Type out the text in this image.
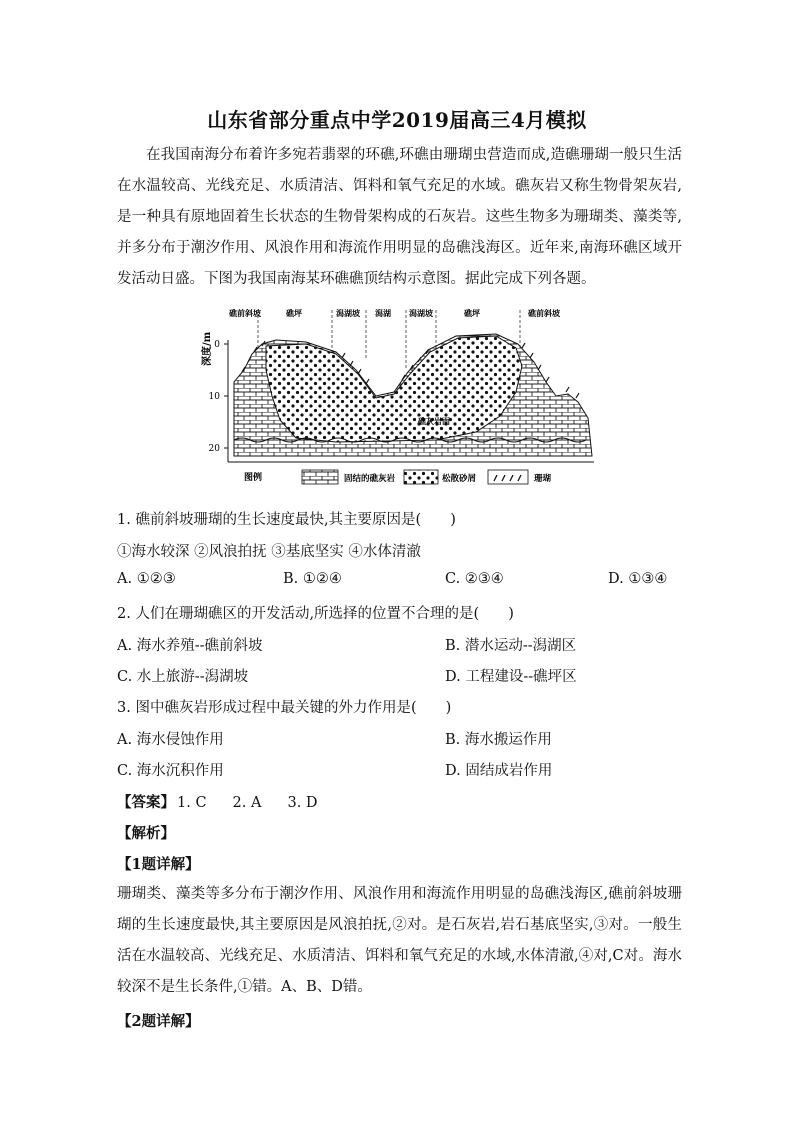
山东省部分重点中学2019届高三4月模拟

在我国南海分布着许多宛若翡翠的环礁,环礁由珊瑚虫营造而成,造礁珊瑚一般只生活在水温较高、光线充足、水质清洁、饵料和氧气充足的水域。礁灰岩又称生物骨架灰岩,是一种具有原地固着生长状态的生物骨架构成的石灰岩。这些生物多为珊瑚类、藻类等,并多分布于潮汐作用、风浪作用和海流作用明显的岛礁浅海区。近年来,南海环礁区域开发活动日盛。下图为我国南海某环礁礁顶结构示意图。据此完成下列各题。

深度/m 0
10
20
礁前斜坡	礁坪	潟湖坡 潟湖 潟湖坡	礁坪	礁前斜坡
礁灰岩面
图例	固结的礁灰岩	松散砂屑	珊瑚
1. 礁前斜坡珊瑚的生长速度最快,其主要原因是(　　)
①海水较深 ②风浪拍抚 ③基底坚实 ④水体清澈
A. ①②③	B. ①②④	C. ②③④	D. ①③④
2. 人们在珊瑚礁区的开发活动,所选择的位置不合理的是(　　)
A. 海水养殖--礁前斜坡	B. 潜水运动--潟湖区
C. 水上旅游--潟湖坡	D. 工程建设--礁坪区
3. 图中礁灰岩形成过程中最关键的外力作用是(　　)
A. 海水侵蚀作用	B. 海水搬运作用
C. 海水沉积作用	D. 固结成岩作用
【答案】 1. C 2. A 3. D
【解析】
【1题详解】

珊瑚类、藻类等多分布于潮汐作用、风浪作用和海流作用明显的岛礁浅海区,礁前斜坡珊瑚的生长速度最快,其主要原因是风浪拍抚,②对。是石灰岩,岩石基底坚实,③对。一般生活在水温较高、光线充足、水质清洁、饵料和氧气充足的水域,水体清澈,④对,C对。海水较深不是生长条件,①错。A、B、D错。

【2题详解】
